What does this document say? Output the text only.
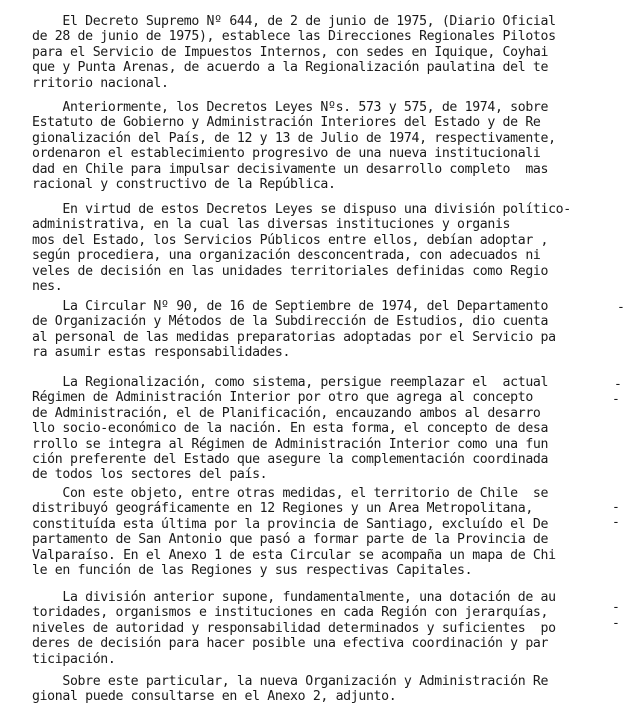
El Decreto Supremo Nº 644, de 2 de junio de 1975, (Diario Oficial
de 28 de junio de 1975), establece las Direcciones Regionales Pilotos
para el Servicio de Impuestos Internos, con sedes en Iquique, Coyhai
que y Punta Arenas, de acuerdo a la Regionalización paulatina del te
rritorio nacional.
Anteriormente, los Decretos Leyes Nºs. 573 y 575, de 1974, sobre
Estatuto de Gobierno y Administración Interiores del Estado y de Re
gionalización del País, de 12 y 13 de Julio de 1974, respectivamente,
ordenaron el establecimiento progresivo de una nueva institucionali
dad en Chile para impulsar decisivamente un desarrollo completo  mas
racional y constructivo de la República.
En virtud de estos Decretos Leyes se dispuso una división político-
administrativa, en la cual las diversas instituciones y organis
mos del Estado, los Servicios Públicos entre ellos, debían adoptar ,
según procediera, una organización desconcentrada, con adecuados ni
veles de decisión en las unidades territoriales definidas como Regio
nes.
La Circular Nº 90, de 16 de Septiembre de 1974, del Departamento
de Organización y Métodos de la Subdirección de Estudios, dio cuenta
al personal de las medidas preparatorias adoptadas por el Servicio pa
ra asumir estas responsabilidades.
La Regionalización, como sistema, persigue reemplazar el  actual
Régimen de Administración Interior por otro que agrega al concepto
de Administración, el de Planificación, encauzando ambos al desarro
llo socio-económico de la nación. En esta forma, el concepto de desa
rrollo se integra al Régimen de Administración Interior como una fun
ción preferente del Estado que asegure la complementación coordinada
de todos los sectores del país.
Con este objeto, entre otras medidas, el territorio de Chile  se
distribuyó geográficamente en 12 Regiones y un Area Metropolitana,
constituída esta última por la provincia de Santiago, excluído el De
partamento de San Antonio que pasó a formar parte de la Provincia de
Valparaíso. En el Anexo 1 de esta Circular se acompaña un mapa de Chi
le en función de las Regiones y sus respectivas Capitales.
La división anterior supone, fundamentalmente, una dotación de au
toridades, organismos e instituciones en cada Región con jerarquías,
niveles de autoridad y responsabilidad determinados y suficientes  po
deres de decisión para hacer posible una efectiva coordinación y par
ticipación.
Sobre este particular, la nueva Organización y Administración Re
gional puede consultarse en el Anexo 2, adjunto.
-
-
-
-
-
-
-
